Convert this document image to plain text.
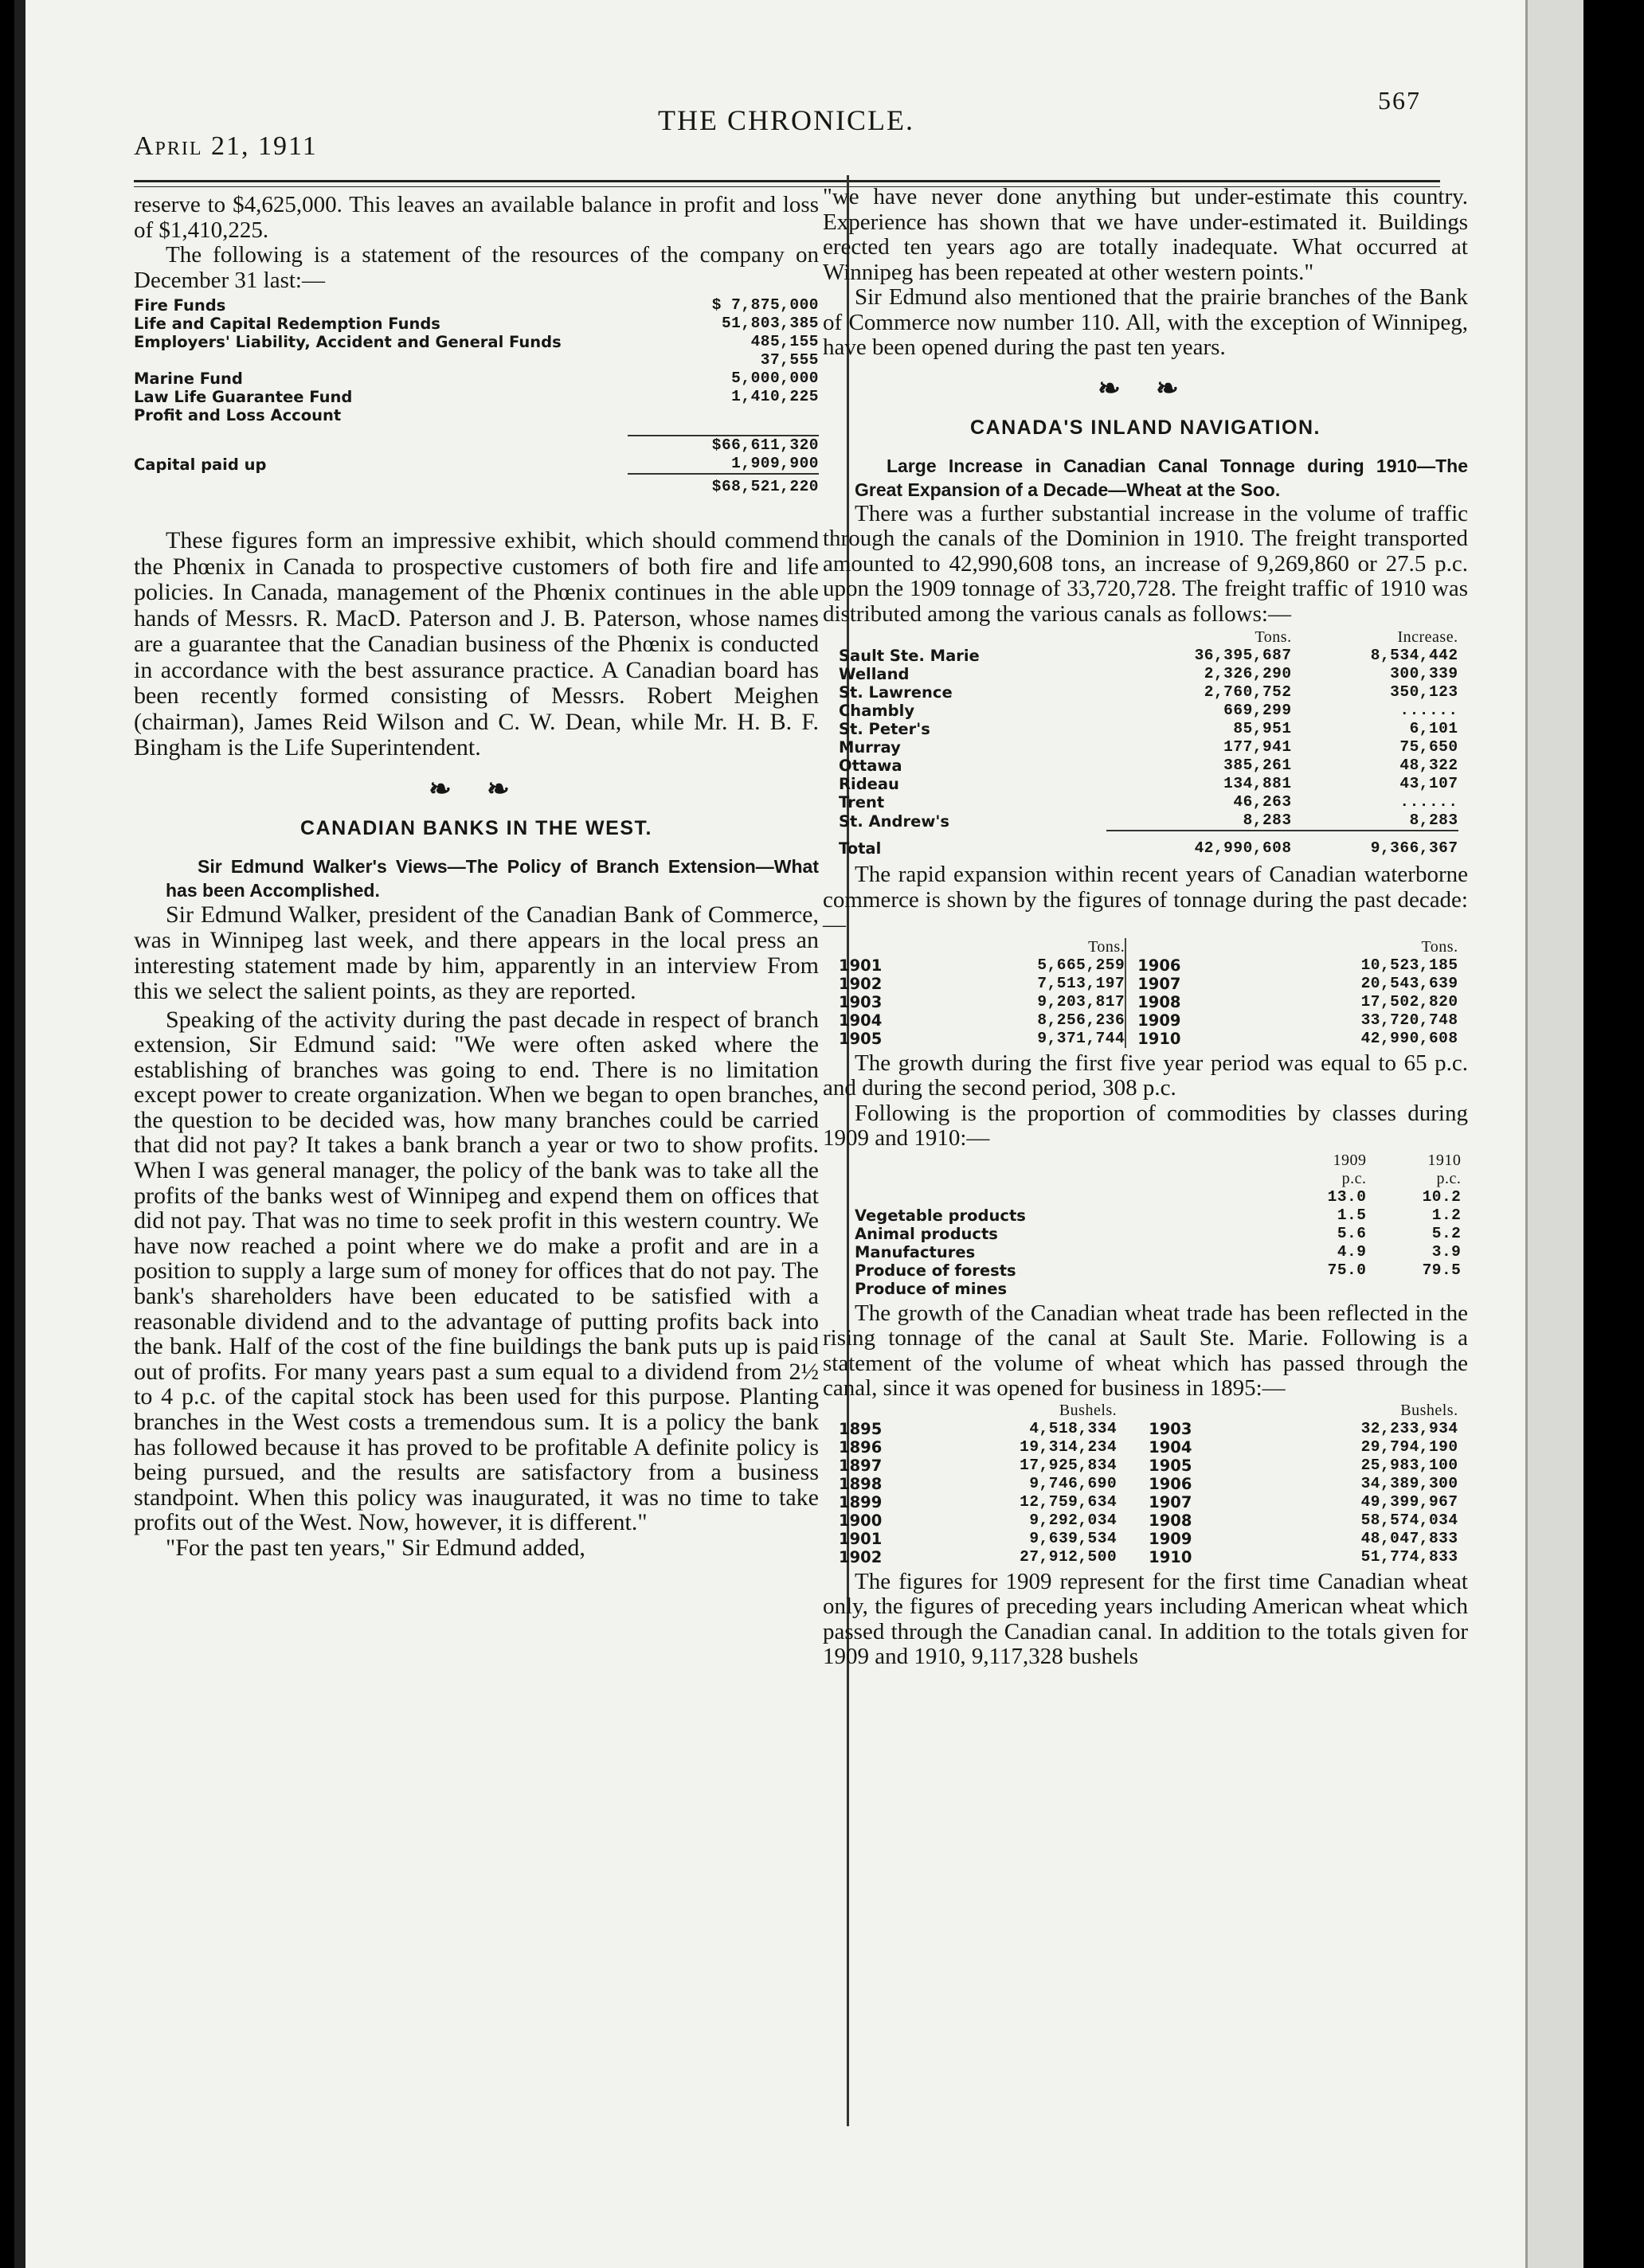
April 21, 1911
THE CHRONICLE.
567

reserve to $4,625,000. This leaves an available balance in profit and loss of $1,410,225.

The following is a statement of the resources of the company on December 31 last:—

Fire Funds	$ 7,875,000
Life and Capital Redemption Funds	51,803,385
Employers' Liability, Accident and General Funds	485,155
	37,555
Marine Fund	5,000,000
Law Life Guarantee Fund	1,410,225
Profit and Loss Account	

	$66,611,320
Capital paid up	1,909,900
	$68,521,220

These figures form an impressive exhibit, which should commend the Phœnix in Canada to prospective customers of both fire and life policies. In Canada, management of the Phœnix continues in the able hands of Messrs. R. MacD. Paterson and J. B. Paterson, whose names are a guarantee that the Canadian business of the Phœnix is conducted in accordance with the best assurance practice. A Canadian board has been recently formed consisting of Messrs. Robert Meighen (chairman), James Reid Wilson and C. W. Dean, while Mr. H. B. F. Bingham is the Life Superintendent.

❧ ❧
CANADIAN BANKS IN THE WEST.

Sir Edmund Walker's Views—The Policy of Branch Extension—What has been Accomplished.

Sir Edmund Walker, president of the Canadian Bank of Commerce, was in Winnipeg last week, and there appears in the local press an interesting statement made by him, apparently in an interview From this we select the salient points, as they are reported.

Speaking of the activity during the past decade in respect of branch extension, Sir Edmund said: "We were often asked where the establishing of branches was going to end. There is no limitation except power to create organization. When we began to open branches, the question to be decided was, how many branches could be carried that did not pay? It takes a bank branch a year or two to show profits. When I was general manager, the policy of the bank was to take all the profits of the banks west of Winnipeg and expend them on offices that did not pay. That was no time to seek profit in this western country. We have now reached a point where we do make a profit and are in a position to supply a large sum of money for offices that do not pay. The bank's shareholders have been educated to be satisfied with a reasonable dividend and to the advantage of putting profits back into the bank. Half of the cost of the fine buildings the bank puts up is paid out of profits. For many years past a sum equal to a dividend from 2½ to 4 p.c. of the capital stock has been used for this purpose. Planting branches in the West costs a tremendous sum. It is a policy the bank has followed because it has proved to be profitable A definite policy is being pursued, and the results are satisfactory from a business standpoint. When this policy was inaugurated, it was no time to take profits out of the West. Now, however, it is different."

"For the past ten years," Sir Edmund added,

"we have never done anything but under-estimate this country. Experience has shown that we have under-estimated it. Buildings erected ten years ago are totally inadequate. What occurred at Winnipeg has been repeated at other western points."

Sir Edmund also mentioned that the prairie branches of the Bank of Commerce now number 110. All, with the exception of Winnipeg, have been opened during the past ten years.

❧ ❧
CANADA'S INLAND NAVIGATION.

Large Increase in Canadian Canal Tonnage during 1910—The Great Expansion of a Decade—Wheat at the Soo.

There was a further substantial increase in the volume of traffic through the canals of the Dominion in 1910. The freight transported amounted to 42,990,608 tons, an increase of 9,269,860 or 27.5 p.c. upon the 1909 tonnage of 33,720,728. The freight traffic of 1910 was distributed among the various canals as follows:—

	Tons.	Increase.
Sault Ste. Marie	36,395,687	8,534,442
Welland	2,326,290	300,339
St. Lawrence	2,760,752	350,123
Chambly	669,299	......
St. Peter's	85,951	6,101
Murray	177,941	75,650
Ottawa	385,261	48,322
Rideau	134,881	43,107
Trent	46,263	......
St. Andrew's	8,283	8,283
Total	42,990,608	9,366,367

The rapid expansion within recent years of Canadian waterborne commerce is shown by the figures of tonnage during the past decade:—

	Tons.		Tons.
1901	5,665,259	1906	10,523,185
1902	7,513,197	1907	20,543,639
1903	9,203,817	1908	17,502,820
1904	8,256,236	1909	33,720,748
1905	9,371,744	1910	42,990,608

The growth during the first five year period was equal to 65 p.c. and during the second period, 308 p.c.

Following is the proportion of commodities by classes during 1909 and 1910:—

	1909	1910
	p.c.	p.c.
	13.0	10.2
Vegetable products	1.5	1.2
Animal products	5.6	5.2
Manufactures	4.9	3.9
Produce of forests	75.0	79.5
Produce of mines		

The growth of the Canadian wheat trade has been reflected in the rising tonnage of the canal at Sault Ste. Marie. Following is a statement of the volume of wheat which has passed through the canal, since it was opened for business in 1895:—

	Bushels.		Bushels.
1895	4,518,334	1903	32,233,934
1896	19,314,234	1904	29,794,190
1897	17,925,834	1905	25,983,100
1898	9,746,690	1906	34,389,300
1899	12,759,634	1907	49,399,967
1900	9,292,034	1908	58,574,034
1901	9,639,534	1909	48,047,833
1902	27,912,500	1910	51,774,833

The figures for 1909 represent for the first time Canadian wheat only, the figures of preceding years including American wheat which passed through the Canadian canal. In addition to the totals given for 1909 and 1910, 9,117,328 bushels
